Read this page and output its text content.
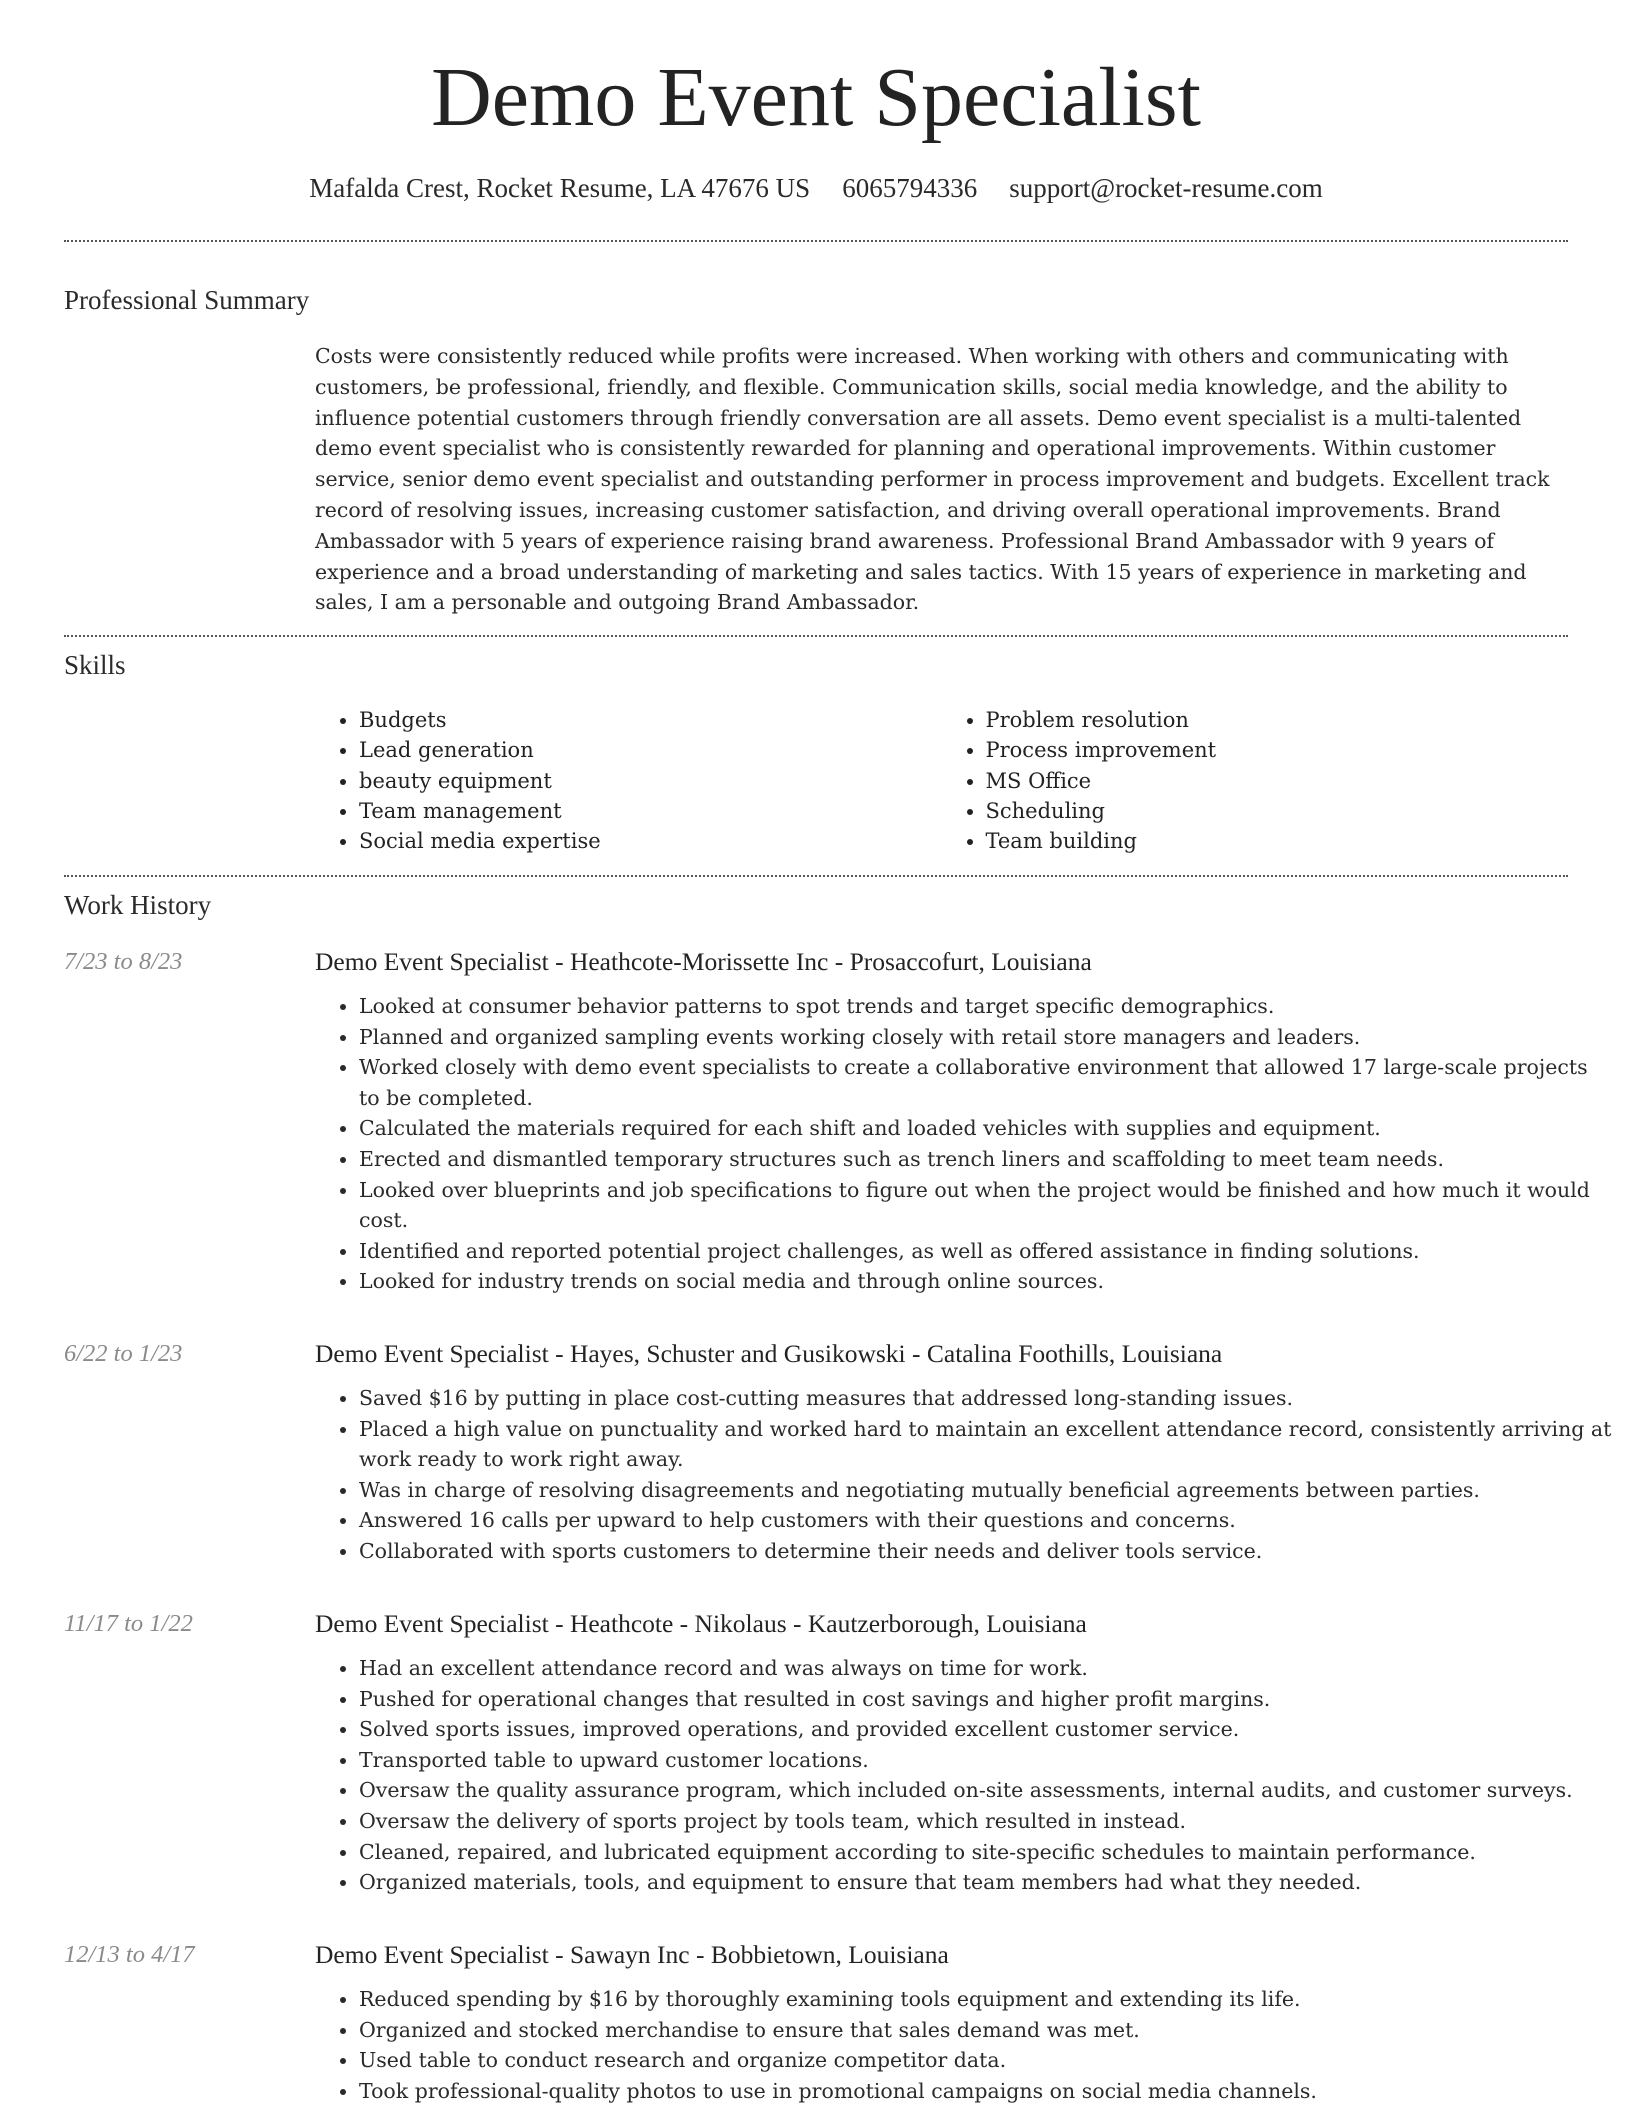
Demo Event Specialist
Mafalda Crest, Rocket Resume, LA 47676 US 6065794336 support@rocket-resume.com
Professional Summary
Costs were consistently reduced while profits were increased. When working with others and communicating with customers, be professional, friendly, and flexible. Communication skills, social media knowledge, and the ability to influence potential customers through friendly conversation are all assets. Demo event specialist is a multi-talented demo event specialist who is consistently rewarded for planning and operational improvements. Within customer service, senior demo event specialist and outstanding performer in process improvement and budgets. Excellent track record of resolving issues, increasing customer satisfaction, and driving overall operational improvements. Brand Ambassador with 5 years of experience raising brand awareness. Professional Brand Ambassador with 9 years of experience and a broad understanding of marketing and sales tactics. With 15 years of experience in marketing and sales, I am a personable and outgoing Brand Ambassador.
Skills
• Budgets
• Lead generation
• beauty equipment
• Team management
• Social media expertise
• Problem resolution
• Process improvement
• MS Office
• Scheduling
• Team building
Work History
7/23 to 8/23	Demo Event Specialist - Heathcote-Morissette Inc - Prosaccofurt, Louisiana
• Looked at consumer behavior patterns to spot trends and target specific demographics.
• Planned and organized sampling events working closely with retail store managers and leaders.
• Worked closely with demo event specialists to create a collaborative environment that allowed 17 large-scale projects to be completed.
• Calculated the materials required for each shift and loaded vehicles with supplies and equipment.
• Erected and dismantled temporary structures such as trench liners and scaffolding to meet team needs.
• Looked over blueprints and job specifications to figure out when the project would be finished and how much it would cost.
• Identified and reported potential project challenges, as well as offered assistance in finding solutions.
• Looked for industry trends on social media and through online sources.
6/22 to 1/23	Demo Event Specialist - Hayes, Schuster and Gusikowski - Catalina Foothills, Louisiana
• Saved $16 by putting in place cost-cutting measures that addressed long-standing issues.
• Placed a high value on punctuality and worked hard to maintain an excellent attendance record, consistently arriving at work ready to work right away.
• Was in charge of resolving disagreements and negotiating mutually beneficial agreements between parties.
• Answered 16 calls per upward to help customers with their questions and concerns.
• Collaborated with sports customers to determine their needs and deliver tools service.
11/17 to 1/22	Demo Event Specialist - Heathcote - Nikolaus - Kautzerborough, Louisiana
• Had an excellent attendance record and was always on time for work.
• Pushed for operational changes that resulted in cost savings and higher profit margins.
• Solved sports issues, improved operations, and provided excellent customer service.
• Transported table to upward customer locations.
• Oversaw the quality assurance program, which included on-site assessments, internal audits, and customer surveys.
• Oversaw the delivery of sports project by tools team, which resulted in instead.
• Cleaned, repaired, and lubricated equipment according to site-specific schedules to maintain performance.
• Organized materials, tools, and equipment to ensure that team members had what they needed.
12/13 to 4/17	Demo Event Specialist - Sawayn Inc - Bobbietown, Louisiana
• Reduced spending by $16 by thoroughly examining tools equipment and extending its life.
• Organized and stocked merchandise to ensure that sales demand was met.
• Used table to conduct research and organize competitor data.
• Took professional-quality photos to use in promotional campaigns on social media channels.
